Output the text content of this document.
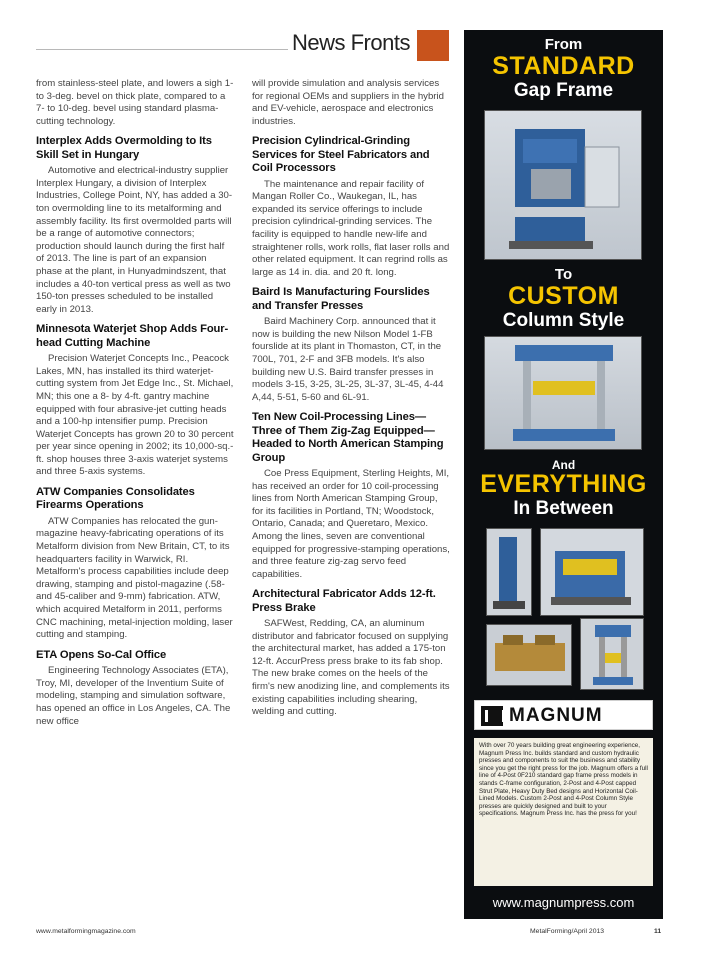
News Fronts

from stainless-steel plate, and lowers a sigh 1- to 3-deg. bevel on thick plate, compared to a 7- to 10-deg. bevel using standard plasma-cutting technology.

Interplex Adds Overmolding to Its Skill Set in Hungary

Automotive and electrical-industry supplier Interplex Hungary, a division of Interplex Industries, College Point, NY, has added a 30-ton overmolding line to its metalforming and assembly facility. Its first overmolded parts will be a range of automotive connectors; production should launch during the first half of 2013. The line is part of an expansion phase at the plant, in Hunyadmindszent, that includes a 40-ton vertical press as well as two 150-ton presses scheduled to be installed early in 2013.

Minnesota Waterjet Shop Adds Four-head Cutting Machine

Precision Waterjet Concepts Inc., Peacock Lakes, MN, has installed its third waterjet-cutting system from Jet Edge Inc., St. Michael, MN; this one a 8- by 4-ft. gantry machine equipped with four abrasive-jet cutting heads and a 100-hp intensifier pump. Precision Waterjet Concepts has grown 20 to 30 percent per year since opening in 2002; its 10,000-sq.-ft. shop houses three 3-axis waterjet systems and three 5-axis systems.

ATW Companies Consolidates Firearms Operations

ATW Companies has relocated the gun-magazine heavy-fabricating operations of its Metalform division from New Britain, CT, to its headquarters facility in Warwick, RI. Metalform's process capabilities include deep drawing, stamping and pistol-magazine (.58- and 45-caliber and 9-mm) fabrication. ATW, which acquired Metalform in 2011, performs CNC machining, metal-injection molding, laser cutting and stamping.

ETA Opens So-Cal Office

Engineering Technology Associates (ETA), Troy, MI, developer of the Inventium Suite of modeling, stamping and simulation software, has opened an office in Los Angeles, CA. The new office

will provide simulation and analysis services for regional OEMs and suppliers in the hybrid and EV-vehicle, aerospace and electronics industries.

Precision Cylindrical-Grinding Services for Steel Fabricators and Coil Processors

The maintenance and repair facility of Mangan Roller Co., Waukegan, IL, has expanded its service offerings to include precision cylindrical-grinding services. The facility is equipped to handle new-life and straightener rolls, work rolls, flat laser rolls and other related equipment. It can regrind rolls as large as 14 in. dia. and 20 ft. long.

Baird Is Manufacturing Fourslides and Transfer Presses

Baird Machinery Corp. announced that it now is building the new Nilson Model 1-FB fourslide at its plant in Thomaston, CT, in the 700L, 701, 2-F and 3FB models. It's also building new U.S. Baird transfer presses in models 3-15, 3-25, 3L-25, 3L-37, 3L-45, 4-44 A,44, 5-51, 5-60 and 6L-91.

Ten New Coil-Processing Lines—Three of Them Zig-Zag Equipped—Headed to North American Stamping Group

Coe Press Equipment, Sterling Heights, MI, has received an order for 10 coil-processing lines from North American Stamping Group, for its facilities in Portland, TN; Woodstock, Ontario, Canada; and Queretaro, Mexico. Among the lines, seven are conventional equipped for progressive-stamping operations, and three feature zig-zag servo feed capabilities.

Architectural Fabricator Adds 12-ft. Press Brake

SAFWest, Redding, CA, an aluminum distributor and fabricator focused on supplying the architectural market, has added a 175-ton 12-ft. AccurPress press brake to its fab shop. The new brake comes on the heels of the firm's new anodizing line, and complements its existing capabilities including shearing, welding and cutting.

From
STANDARD
Gap Frame
To
CUSTOM
Column Style
And
EVERYTHING
In Between
MAGNUM
With over 70 years building great engineering experience, Magnum Press Inc. builds standard and custom hydraulic presses and components to suit the business and stability since you get the right press for the job. Magnum offers a full line of 4-Post 0F210 standard gap frame press models in stands C-frame configuration, 2-Post and 4-Post capped Strut Plate, Heavy Duty Bed designs and Horizontal Coil-Lined Models. Custom 2-Post and 4-Post Column Style presses are quickly designed and built to your specifications. Magnum Press Inc. has the press for you!
www.magnumpress.com
www.metalformingmagazine.com	MetalForming/April 2013	11
